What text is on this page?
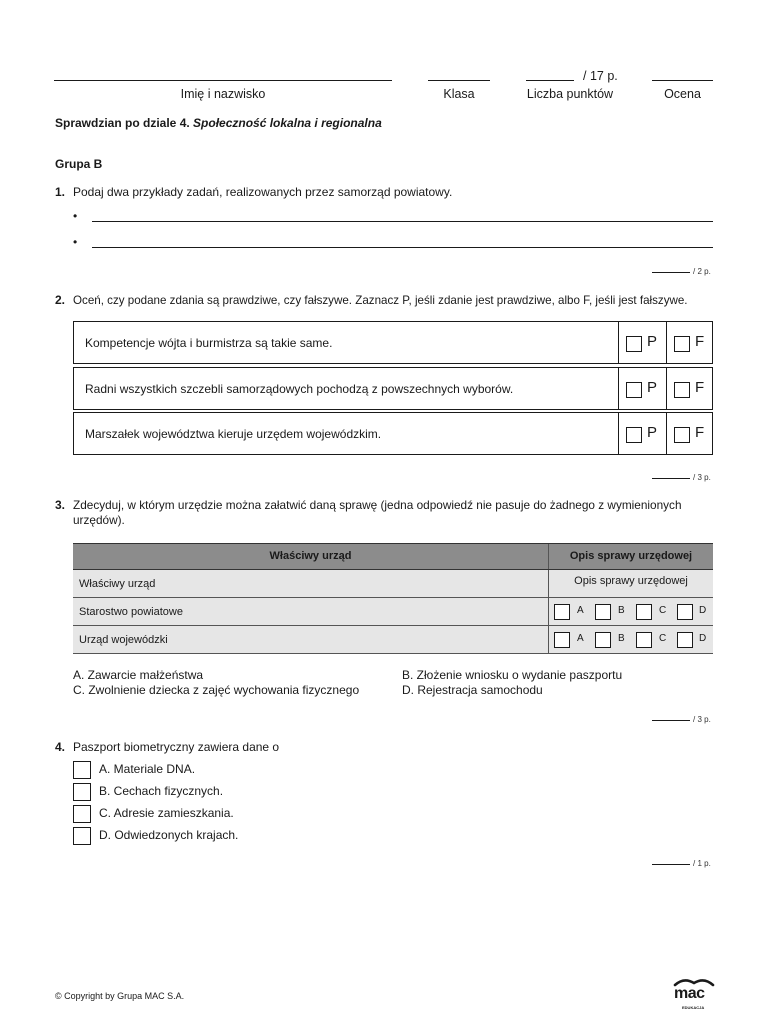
Imię i nazwisko	Klasa
/ 17 p.
Liczba punktów	Ocena
Sprawdzian po dziale 4. Społeczność lokalna i regionalna
Grupa B
1. Podaj dwa przykłady zadań, realizowanych przez samorząd powiatowy.
•
•
/ 2 p.
2. Oceń, czy podane zdania są prawdziwe, czy fałszywe. Zaznacz P, jeśli zdanie jest prawdziwe, albo F, jeśli jest fałszywe.
Kompetencje wójta i burmistrza są takie same.	P	F
Radni wszystkich szczebli samorządowych pochodzą z powszechnych wyborów.	P	F
Marszałek województwa kieruje urzędem wojewódzkim.	P	F
/ 3 p.
3. Zdecyduj, w którym urzędzie można załatwić daną sprawę (jedna odpowiedź nie pasuje do żadnego z wymienionych
urzędów).
Właściwy urząd	Opis sprawy urzędowej
Właściwy urząd	Opis sprawy urzędowej
Starostwo powiatowe	A	B	C	D
Urząd wojewódzki	A	B	C	D
A. Zawarcie małżeństwa	B. Złożenie wniosku o wydanie paszportu
C. Zwolnienie dziecka z zajęć wychowania fizycznego	D. Rejestracja samochodu
/ 3 p.
4. Paszport biometryczny zawiera dane o
A. Materiale DNA.
B. Cechach fizycznych.
C. Adresie zamieszkania.
D. Odwiedzonych krajach.
/ 1 p.
© Copyright by Grupa MAC S.A.	mac
EDUKACJA
